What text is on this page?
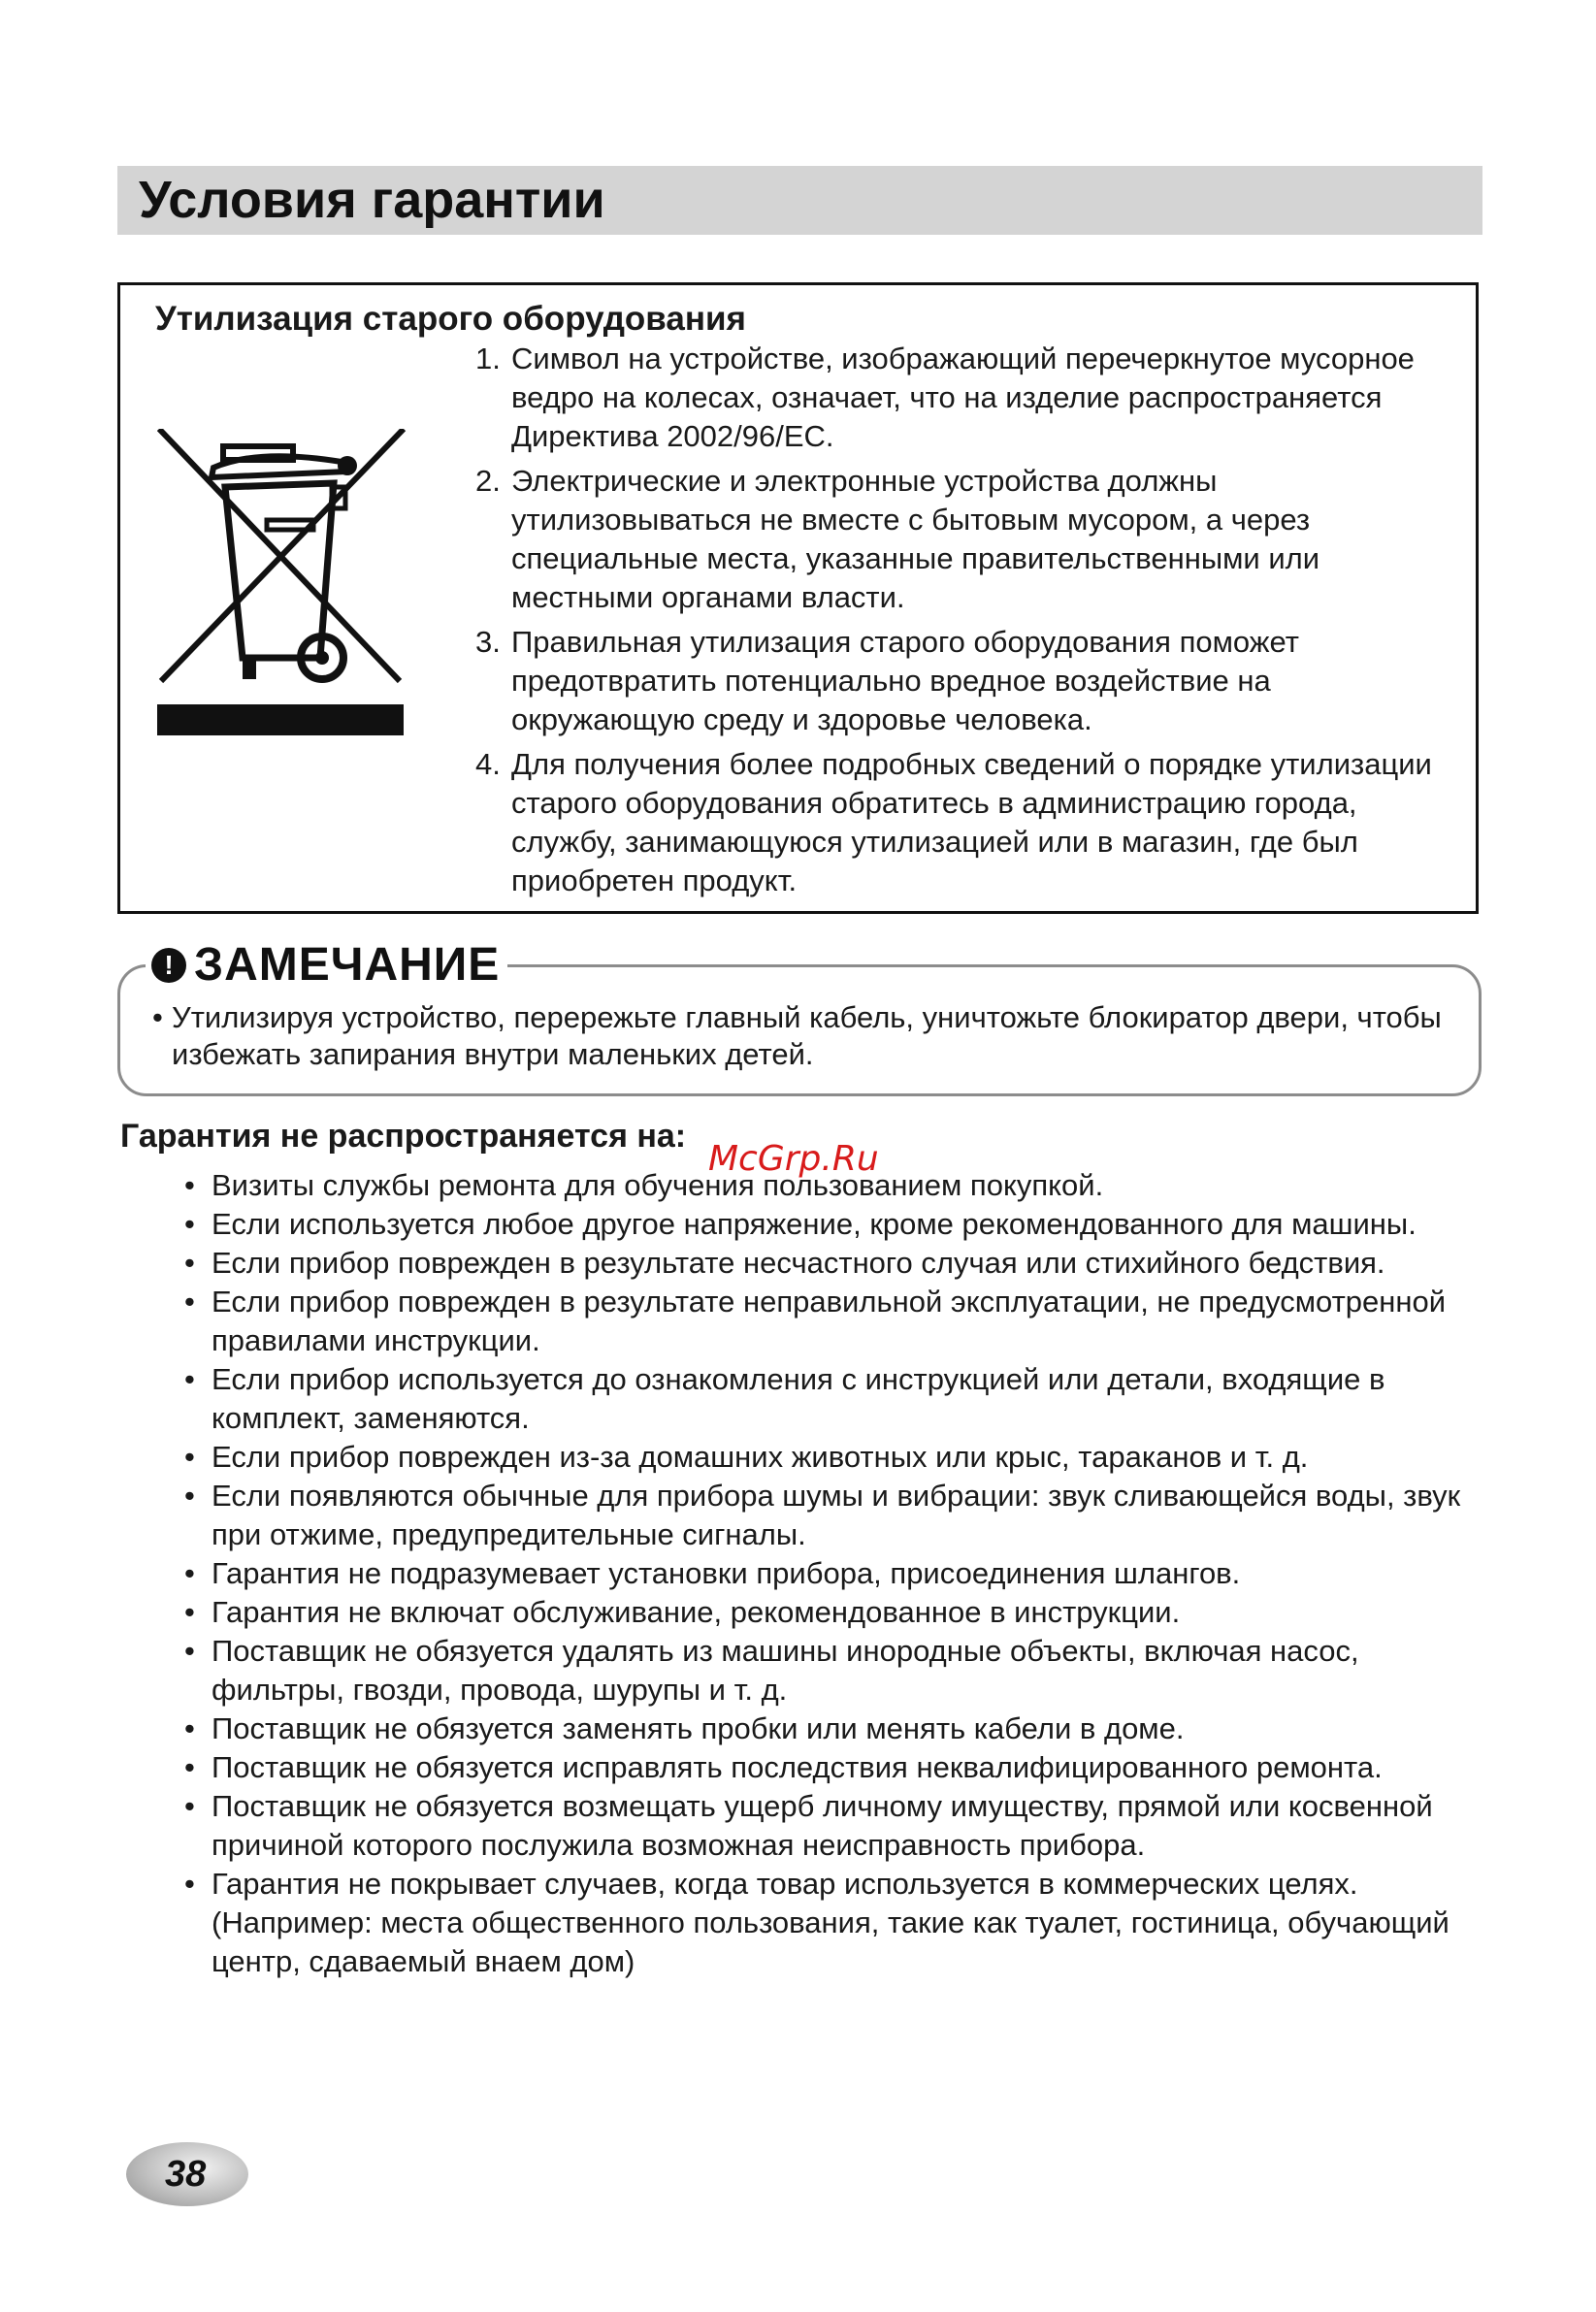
Условия гарантии
Утилизация старого оборудования
1. Символ на устройстве, изображающий перечеркнутое мусорное ведро на колесах, означает, что на изделие распространяется Директива 2002/96/EC.
2. Электрические и электронные устройства должны утилизовываться не вместе с бытовым мусором, а через специальные места, указанные правительственными или местными органами власти.
3. Правильная утилизация старого оборудования поможет предотвратить потенциально вредное воздействие на окружающую среду и здоровье человека.
4. Для получения более подробных сведений о порядке утилизации старого оборудования обратитесь в администрацию города, службу, занимающуюся утилизацией или в магазин, где был приобретен продукт.
! ЗАМЕЧАНИЕ
• Утилизируя устройство, перережьте главный кабель, уничтожьте блокиратор двери, чтобы избежать запирания внутри маленьких детей.
Гарантия не распространяется на:
McGrp.Ru
• Визиты службы ремонта для обучения пользованием покупкой.
• Если используется любое другое напряжение, кроме рекомендованного для машины.
• Если прибор поврежден в результате несчастного случая или стихийного бедствия.
• Если прибор поврежден в результате неправильной эксплуатации, не предусмотренной правилами инструкции.
• Если прибор используется до ознакомления с инструкцией или детали, входящие в комплект, заменяются.
• Если прибор поврежден из-за домашних животных или крыс, тараканов и т. д.
• Если появляются обычные для прибора шумы и вибрации: звук сливающейся воды, звук при отжиме, предупредительные сигналы.
• Гарантия не подразумевает установки прибора, присоединения шлангов.
• Гарантия не включат обслуживание, рекомендованное в инструкции.
• Поставщик не обязуется удалять из машины инородные объекты, включая насос, фильтры, гвозди, провода, шурупы и т. д.
• Поставщик не обязуется заменять пробки или менять кабели в доме.
• Поставщик не обязуется исправлять последствия неквалифицированного ремонта.
• Поставщик не обязуется возмещать ущерб личному имуществу, прямой или косвенной причиной которого послужила возможная неисправность прибора.
• Гарантия не покрывает случаев, когда товар используется в коммерческих целях.
(Например: места общественного пользования, такие как туалет, гостиница, обучающий центр, сдаваемый внаем дом)
38
